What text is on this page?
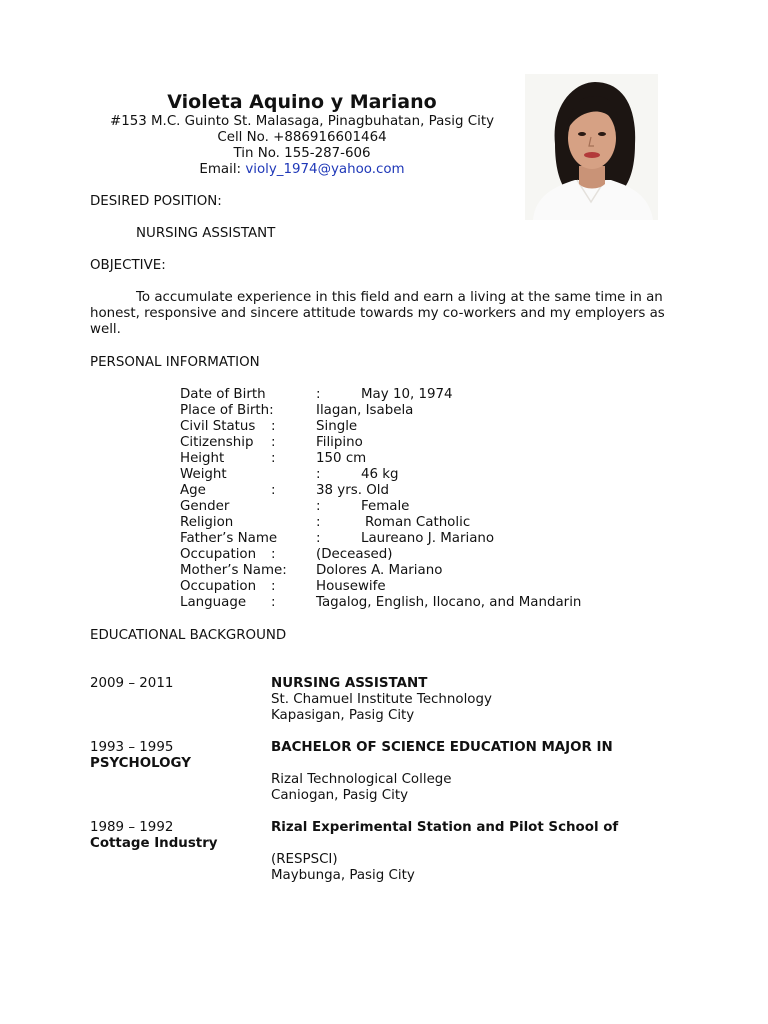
Violeta Aquino y Mariano
#153 M.C. Guinto St. Malasaga, Pinagbuhatan, Pasig City
Cell No. +886916601464
Tin No. 155-287-606
Email: violy_1974@yahoo.com
DESIRED POSITION:
NURSING ASSISTANT
OBJECTIVE:
To accumulate experience in this field and earn a living at the same time in an honest, responsive and sincere attitude towards my co-workers and my employers as well.
PERSONAL INFORMATION
Date of Birth	:	May 10, 1974
Place of Birth:	Ilagan, Isabela
Civil Status :	Single
Citizenship :	Filipino
Height	:	150 cm
Weight	:	46 kg
Age	:	38 yrs. Old
Gender	:	Female
Religion	:	Roman Catholic
Father’s Name	:	Laureano J. Mariano
Occupation :	(Deceased)
Mother’s Name: Dolores A. Mariano
Occupation :	Housewife
Language :	Tagalog, English, Ilocano, and Mandarin
EDUCATIONAL BACKGROUND
2009 – 2011	NURSING ASSISTANT
St. Chamuel Institute Technology
Kapasigan, Pasig City
1993 – 1995	BACHELOR OF SCIENCE EDUCATION MAJOR IN
PSYCHOLOGY
Rizal Technological College
Caniogan, Pasig City
1989 – 1992	Rizal Experimental Station and Pilot School of
Cottage Industry
(RESPSCI)
Maybunga, Pasig City
